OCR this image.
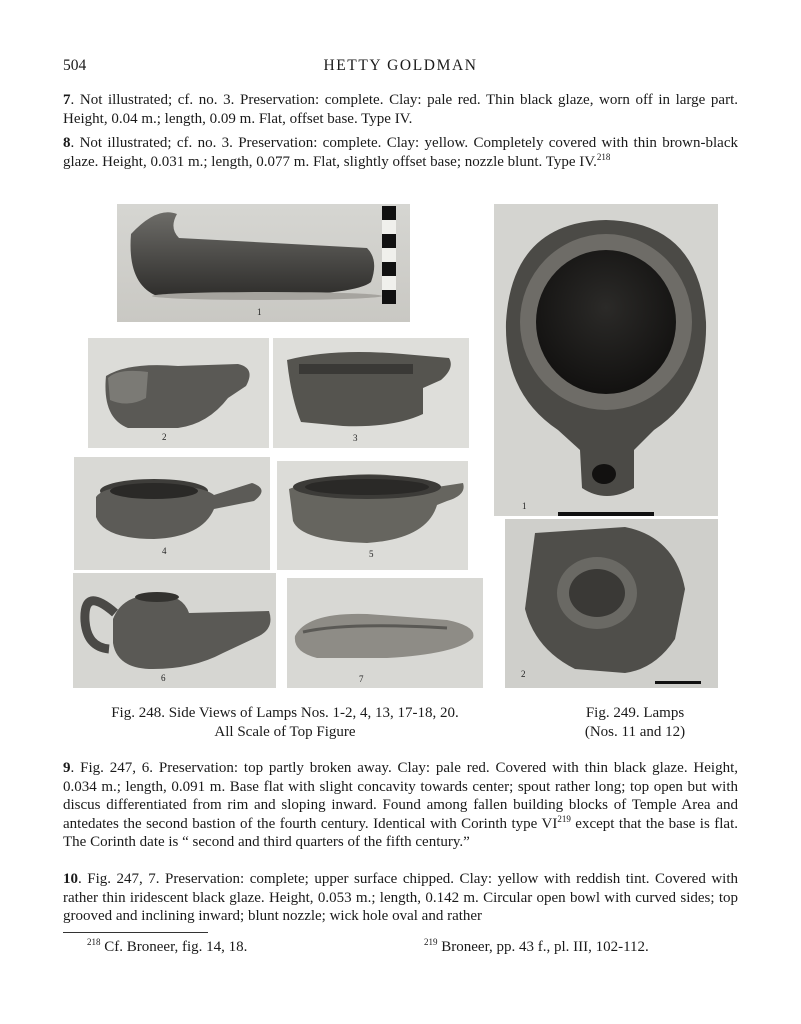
504	HETTY GOLDMAN
7. Not illustrated; cf. no. 3. Preservation: complete. Clay: pale red. Thin black glaze, worn off in large part. Height, 0.04 m.; length, 0.09 m. Flat, offset base. Type IV.
8. Not illustrated; cf. no. 3. Preservation: complete. Clay: yellow. Completely covered with thin brown-black glaze. Height, 0.031 m.; length, 0.077 m. Flat, slightly offset base; nozzle blunt. Type IV.$^{218}$
1
2	3
4	5
6	7
1
2
Fig. 248. Side Views of Lamps Nos. 1-2, 4, 13, 17-18, 20.
All Scale of Top Figure
Fig. 249. Lamps
(Nos. 11 and 12)
9. Fig. 247, 6. Preservation: top partly broken away. Clay: pale red. Covered with thin black glaze. Height, 0.034 m.; length, 0.091 m. Base flat with slight concavity towards center; spout rather long; top open but with discus differentiated from rim and sloping inward. Found among fallen building blocks of Temple Area and antedates the second bastion of the fourth century. Identical with Corinth type VI$^{219}$ except that the base is flat. The Corinth date is “ second and third quarters of the fifth century.”
10. Fig. 247, 7. Preservation: complete; upper surface chipped. Clay: yellow with reddish tint. Covered with rather thin iridescent black glaze. Height, 0.053 m.; length, 0.142 m. Circular open bowl with curved sides; top grooved and inclining inward; blunt nozzle; wick hole oval and rather
$^{218}$ Cf. Broneer, fig. 14, 18.	$^{219}$ Broneer, pp. 43 f., pl. III, 102-112.
